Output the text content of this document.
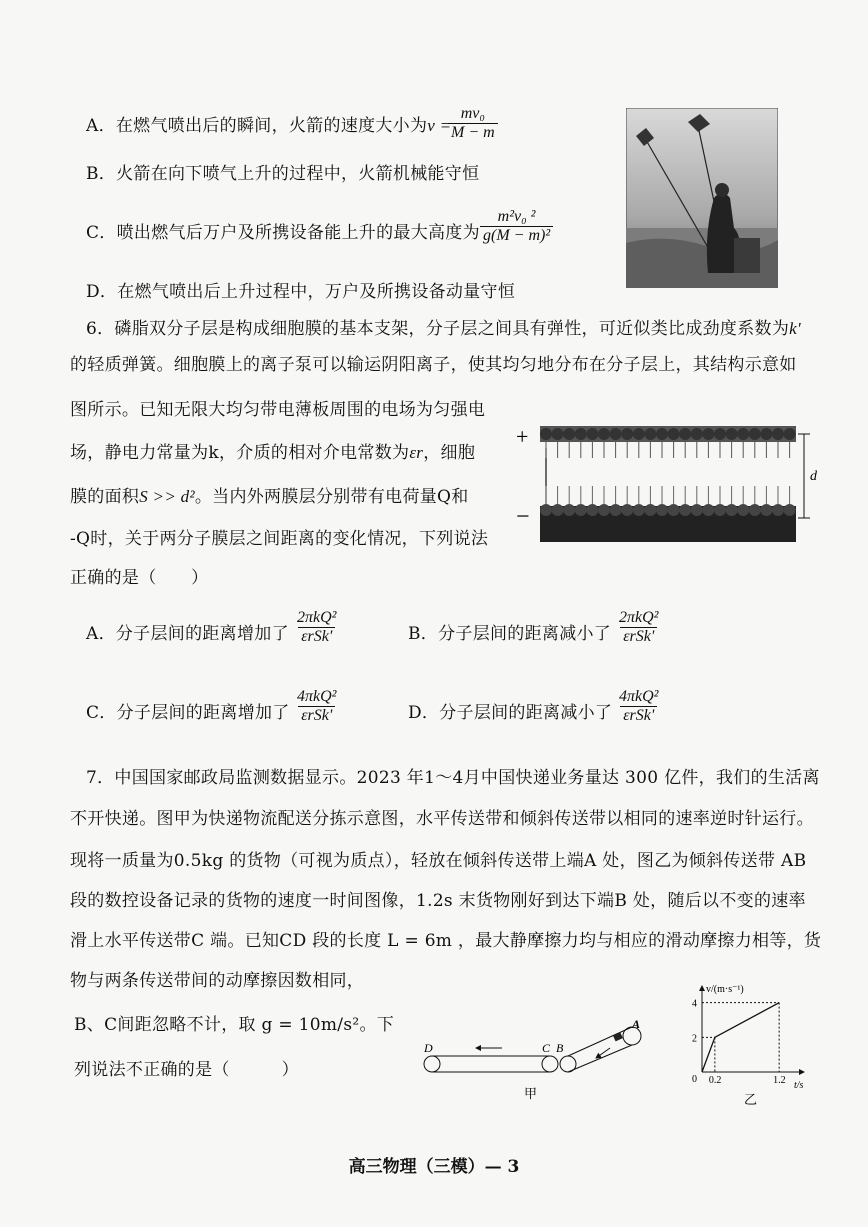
A．在燃气喷出后的瞬间，火箭的速度大小为v =
$\frac{\text{mv₀}}{M - m}$
B．火箭在向下喷气上升的过程中，火箭机械能守恒
C．喷出燃气后万户及所携设备能上升的最大高度为 $\frac{\text{m²v₀ ²}}{\text{g(M − m)²}}$
D．在燃气喷出后上升过程中，万户及所携设备动量守恒
6．磷脂双分子层是构成细胞膜的基本支架，分子层之间具有弹性，可近似类比成劲度系数为k'
的轻质弹簧。细胞膜上的离子泵可以输运阴阳离子，使其均匀地分布在分子层上，其结构示意如
图所示。已知无限大均匀带电薄板周围的电场为匀强电
场，静电力常量为k，介质的相对介电常数为εr，细胞
膜的面积S >> d²。当内外两膜层分别带有电荷量Q和
-Q时，关于两分子膜层之间距离的变化情况，下列说法
正确的是（　　）
+
−
d
A．分子层间的距离增加了
2πkQ²
εrSk'	B．分子层间的距离减小了
2πkQ²
εrSk'
C．分子层间的距离增加了
4πkQ²
εrSk'	D．分子层间的距离减小了
4πkQ²
εrSk'
7．中国国家邮政局监测数据显示。2023 年1～4月中国快递业务量达 300 亿件，我们的生活离
不开快递。图甲为快递物流配送分拣示意图，水平传送带和倾斜传送带以相同的速率逆时针运行。
现将一质量为0.5kg 的货物（可视为质点），轻放在倾斜传送带上端A 处，图乙为倾斜传送带 AB
段的数控设备记录的货物的速度一时间图像，1.2s 末货物刚好到达下端B 处，随后以不变的速率
滑上水平传送带C 端。已知CD 段的长度 L = 6m ，最大静摩擦力均与相应的滑动摩擦力相等，货
物与两条传送带间的动摩擦因数相同，
B、C间距忽略不计，取 g = 10m/s²。下
列说法不正确的是（　　　）
D	C B
A
甲
v/(m·s⁻¹)
t/s
0
4
2
0.2	1.2
乙
高三物理（三模）— 3
